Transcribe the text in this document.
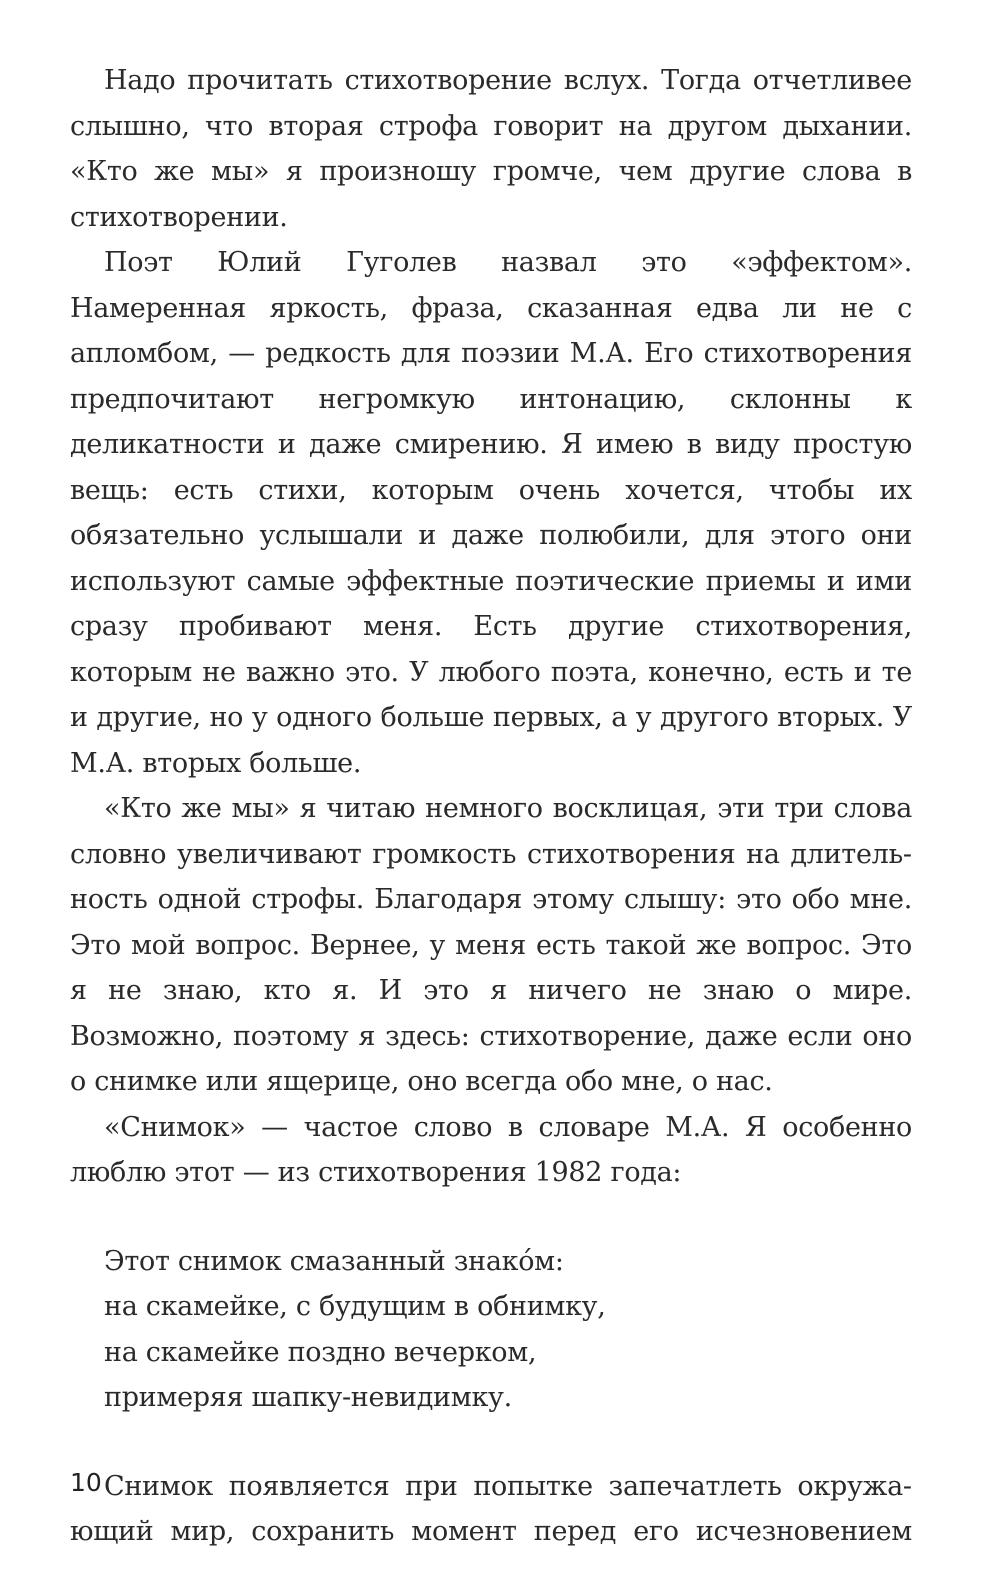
Надо прочитать стихотворение вслух. Тогда отчетливее слышно, что вторая строфа говорит на другом дыхании. «Кто же мы» я произношу громче, чем другие слова в стихотворении.

Поэт Юлий Гуголев назвал это «эффектом». Намеренная яркость, фраза, сказанная едва ли не с апломбом, — редкость для поэзии М.А. Его стихотворения предпочитают негромкую интонацию, склонны к деликатности и даже смирению. Я имею в виду простую вещь: есть стихи, которым очень хочется, чтобы их обязательно услышали и даже полюбили, для этого они используют самые эффектные поэтические приемы и ими сразу пробивают меня. Есть другие стихотворения, которым не важно это. У любого поэта, конечно, есть и те и другие, но у одного больше первых, а у другого вторых. У М.А. вторых больше.

«Кто же мы» я читаю немного восклицая, эти три слова словно увеличивают громкость стихотворения на длительность одной строфы. Благодаря этому слышу: это обо мне. Это мой вопрос. Вернее, у меня есть такой же вопрос. Это я не знаю, кто я. И это я ничего не знаю о мире. Возможно, поэтому я здесь: стихотворение, даже если оно о снимке или ящерице, оно всегда обо мне, о нас.

«Снимок» — частое слово в словаре М.А. Я особенно люблю этот — из стихотворения 1982 года:

Этот снимок смазанный знако́м:
на скамейке, с будущим в обнимку,
на скамейке поздно вечерком,
примеряя шапку-невидимку.

Снимок появляется при попытке запечатлеть окружающий мир, сохранить момент перед его исчезновением

10
